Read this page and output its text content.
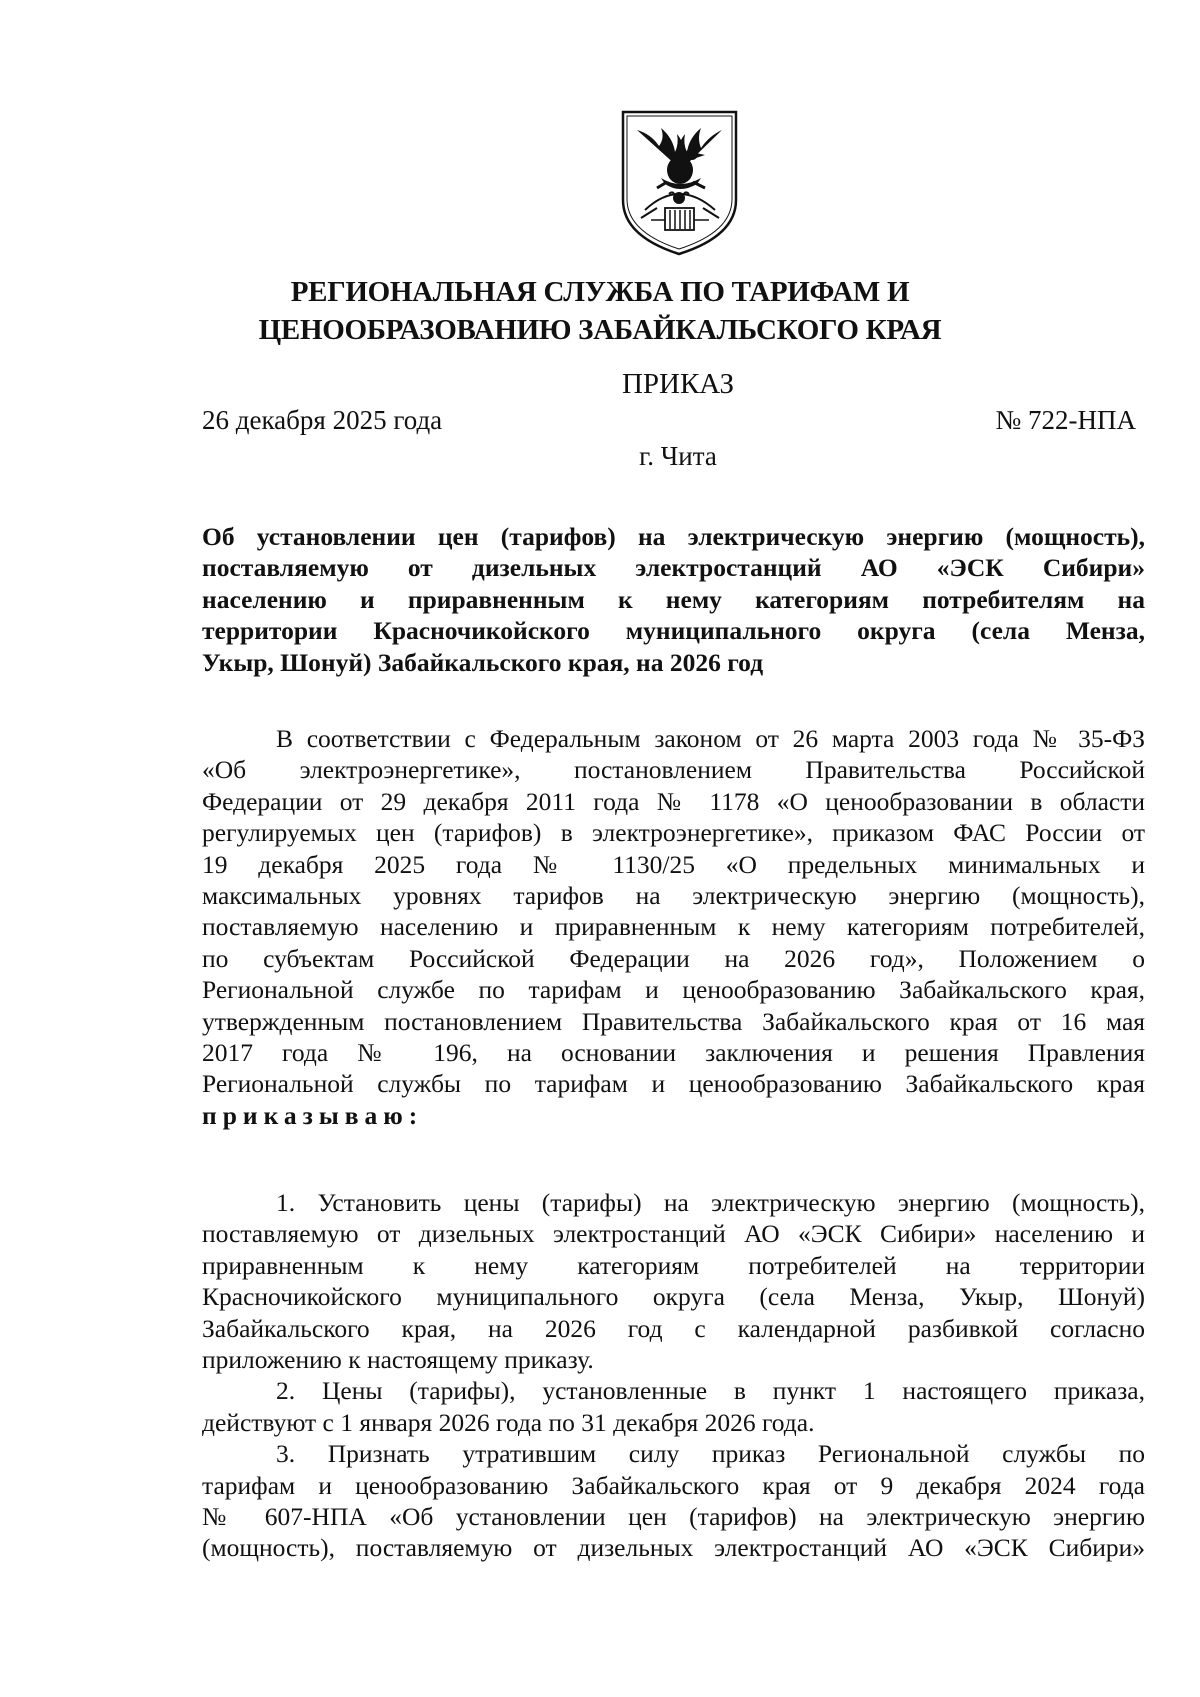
РЕГИОНАЛЬНАЯ СЛУЖБА ПО ТАРИФАМ И
ЦЕНООБРАЗОВАНИЮ ЗАБАЙКАЛЬСКОГО КРАЯ
ПРИКАЗ
26 декабря 2025 года	№ 722-НПА
г. Чита
Об установлении цен (тарифов) на электрическую энергию (мощность),
поставляемую от дизельных электростанций АО «ЭСК Сибири»
населению и приравненным к нему категориям потребителям на
территории Красночикойского муниципального округа (села Менза,
Укыр, Шонуй) Забайкальского края, на 2026 год
В соответствии с Федеральным законом от 26 марта 2003 года № 35-ФЗ
«Об электроэнергетике», постановлением Правительства Российской
Федерации от 29 декабря 2011 года № 1178 «О ценообразовании в области
регулируемых цен (тарифов) в электроэнергетике», приказом ФАС России от
19 декабря 2025 года № 1130/25 «О предельных минимальных и
максимальных уровнях тарифов на электрическую энергию (мощность),
поставляемую населению и приравненным к нему категориям потребителей,
по субъектам Российской Федерации на 2026 год», Положением о
Региональной службе по тарифам и ценообразованию Забайкальского края,
утвержденным постановлением Правительства Забайкальского края от 16 мая
2017 года № 196, на основании заключения и решения Правления
Региональной службы по тарифам и ценообразованию Забайкальского края
приказываю:
1. Установить цены (тарифы) на электрическую энергию (мощность),
поставляемую от дизельных электростанций АО «ЭСК Сибири» населению и
приравненным к нему категориям потребителей на территории
Красночикойского муниципального округа (села Менза, Укыр, Шонуй)
Забайкальского края, на 2026 год с календарной разбивкой согласно
приложению к настоящему приказу.
2. Цены (тарифы), установленные в пункт 1 настоящего приказа,
действуют с 1 января 2026 года по 31 декабря 2026 года.
3. Признать утратившим силу приказ Региональной службы по
тарифам и ценообразованию Забайкальского края от 9 декабря 2024 года
№ 607-НПА «Об установлении цен (тарифов) на электрическую энергию
(мощность), поставляемую от дизельных электростанций АО «ЭСК Сибири»
